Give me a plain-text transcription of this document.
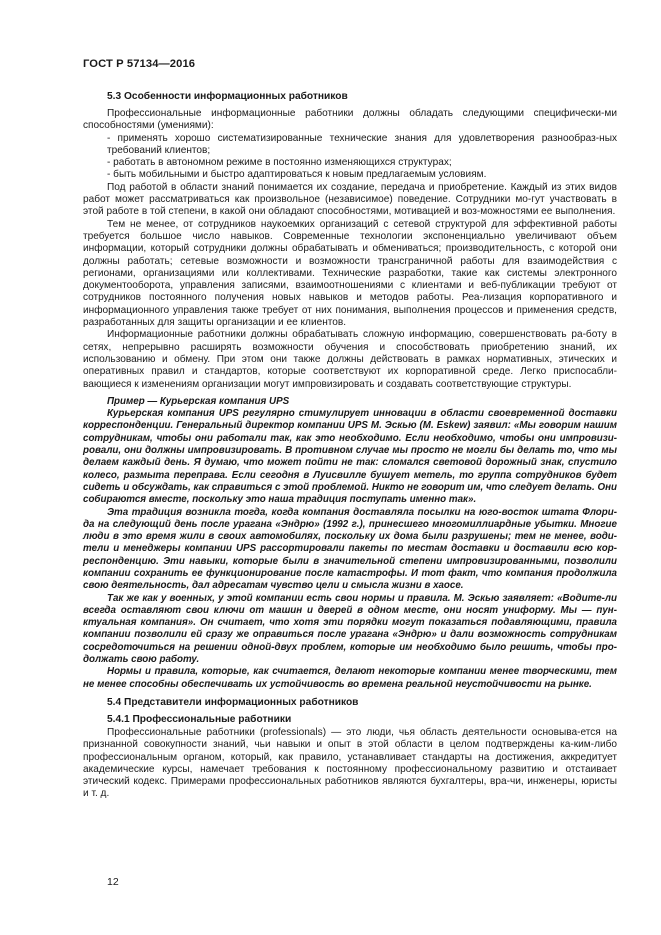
ГОСТ Р 57134—2016
5.3 Особенности информационных работников

Профессиональные информационные работники должны обладать следующими специфически-ми способностями (умениями):

- применять хорошо систематизированные технические знания для удовлетворения разнообраз-ных требований клиентов;

- работать в автономном режиме в постоянно изменяющихся структурах;

- быть мобильными и быстро адаптироваться к новым предлагаемым условиям.

Под работой в области знаний понимается их создание, передача и приобретение. Каждый из этих видов работ может рассматриваться как произвольное (независимое) поведение. Сотрудники мо-гут участвовать в этой работе в той степени, в какой они обладают способностями, мотивацией и воз-можностями ее выполнения.

Тем не менее, от сотрудников наукоемких организаций с сетевой структурой для эффективной работы требуется большое число навыков. Современные технологии экспоненциально увеличивают объем информации, который сотрудники должны обрабатывать и обмениваться; производительность, с которой они должны работать; сетевые возможности и возможности трансграничной работы для взаимодействия с регионами, организациями или коллективами. Технические разработки, такие как системы электронного документооборота, управления записями, взаимоотношениями с клиентами и веб-публикации требуют от сотрудников постоянного получения новых навыков и методов работы. Реа-лизация корпоративного и информационного управления также требует от них понимания, выполнения процессов и применения средств, разработанных для защиты организации и ее клиентов.

Информационные работники должны обрабатывать сложную информацию, совершенствовать ра-боту в сетях, непрерывно расширять возможности обучения и способствовать приобретению знаний, их использованию и обмену. При этом они также должны действовать в рамках нормативных, этических и оперативных правил и стандартов, которые соответствуют их корпоративной среде. Легко приспосабли-вающиеся к изменениям организации могут импровизировать и создавать соответствующие структуры.

Пример — Курьерская компания UPS

Курьерская компания UPS регулярно стимулирует инновации в области своевременной доставки корреспонденции. Генеральный директор компании UPS М. Эскью (M. Eskew) заявил: «Мы говорим нашим сотрудникам, чтобы они работали так, как это необходимо. Если необходимо, чтобы они импровизи-ровали, они должны импровизировать. В противном случае мы просто не могли бы делать то, что мы делаем каждый день. Я думаю, что может пойти не так: сломался световой дорожный знак, спустило колесо, размыта переправа. Если сегодня в Луисвилле бушует метель, то группа сотрудников будет сидеть и обсуждать, как справиться с этой проблемой. Никто не говорит им, что следует делать. Они собираются вместе, поскольку это наша традиция поступать именно так».

Эта традиция возникла тогда, когда компания доставляла посылки на юго-восток штата Флори-да на следующий день после урагана «Эндрю» (1992 г.), принесшего многомиллиардные убытки. Многие люди в это время жили в своих автомобилях, поскольку их дома были разрушены; тем не менее, води-тели и менеджеры компании UPS рассортировали пакеты по местам доставки и доставили всю кор-респонденцию. Эти навыки, которые были в значительной степени импровизированными, позволили компании сохранить ее функционирование после катастрофы. И тот факт, что компания продолжила свою деятельность, дал адресатам чувство цели и смысла жизни в хаосе.

Так же как у военных, у этой компании есть свои нормы и правила. М. Эскью заявляет: «Водите-ли всегда оставляют свои ключи от машин и дверей в одном месте, они носят униформу. Мы — пун-ктуальная компания». Он считает, что хотя эти порядки могут показаться подавляющими, правила компании позволили ей сразу же оправиться после урагана «Эндрю» и дали возможность сотрудникам сосредоточиться на решении одной-двух проблем, которые им необходимо было решить, чтобы про-должать свою работу.

Нормы и правила, которые, как считается, делают некоторые компании менее творческими, тем не менее способны обеспечивать их устойчивость во времена реальной неустойчивости на рынке.

5.4 Представители информационных работников
5.4.1 Профессиональные работники

Профессиональные работники (professionals) — это люди, чья область деятельности основыва-ется на признанной совокупности знаний, чьи навыки и опыт в этой области в целом подтверждены ка-ким-либо профессиональным органом, который, как правило, устанавливает стандарты на достижения, аккредитует академические курсы, намечает требования к постоянному профессиональному развитию и отстаивает этический кодекс. Примерами профессиональных работников являются бухгалтеры, вра-чи, инженеры, юристы и т. д.

12
